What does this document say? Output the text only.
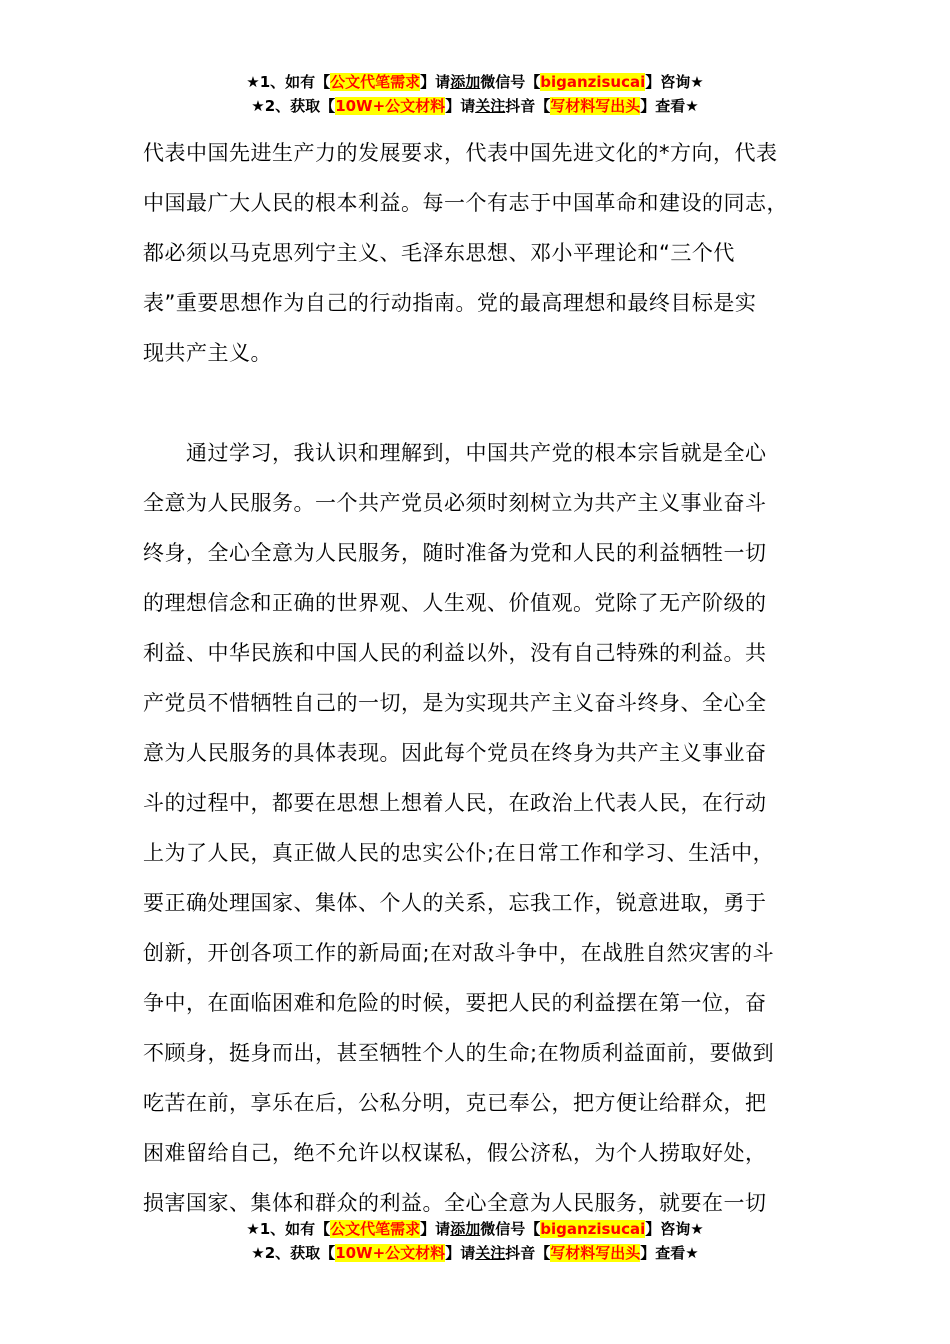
★1、如有【公文代笔需求】请添加微信号【biganzisucai】咨询★
★2、获取【10W+公文材料】请关注抖音【写材料写出头】查看★
代表中国先进生产力的发展要求，代表中国先进文化的*方向，代表
中国最广大人民的根本利益。每一个有志于中国革命和建设的同志，
都必须以马克思列宁主义、毛泽东思想、邓小平理论和“三个代
表”重要思想作为自己的行动指南。党的最高理想和最终目标是实
现共产主义。
　　通过学习，我认识和理解到，中国共产党的根本宗旨就是全心
全意为人民服务。一个共产党员必须时刻树立为共产主义事业奋斗
终身，全心全意为人民服务，随时准备为党和人民的利益牺牲一切
的理想信念和正确的世界观、人生观、价值观。党除了无产阶级的
利益、中华民族和中国人民的利益以外，没有自己特殊的利益。共
产党员不惜牺牲自己的一切，是为实现共产主义奋斗终身、全心全
意为人民服务的具体表现。因此每个党员在终身为共产主义事业奋
斗的过程中，都要在思想上想着人民，在政治上代表人民，在行动
上为了人民，真正做人民的忠实公仆;在日常工作和学习、生活中，
要正确处理国家、集体、个人的关系，忘我工作，锐意进取，勇于
创新，开创各项工作的新局面;在对敌斗争中，在战胜自然灾害的斗
争中，在面临困难和危险的时候，要把人民的利益摆在第一位，奋
不顾身，挺身而出，甚至牺牲个人的生命;在物质利益面前，要做到
吃苦在前，享乐在后，公私分明，克已奉公，把方便让给群众，把
困难留给自己，绝不允许以权谋私，假公济私，为个人捞取好处，
损害国家、集体和群众的利益。全心全意为人民服务，就要在一切
★1、如有【公文代笔需求】请添加微信号【biganzisucai】咨询★
★2、获取【10W+公文材料】请关注抖音【写材料写出头】查看★
